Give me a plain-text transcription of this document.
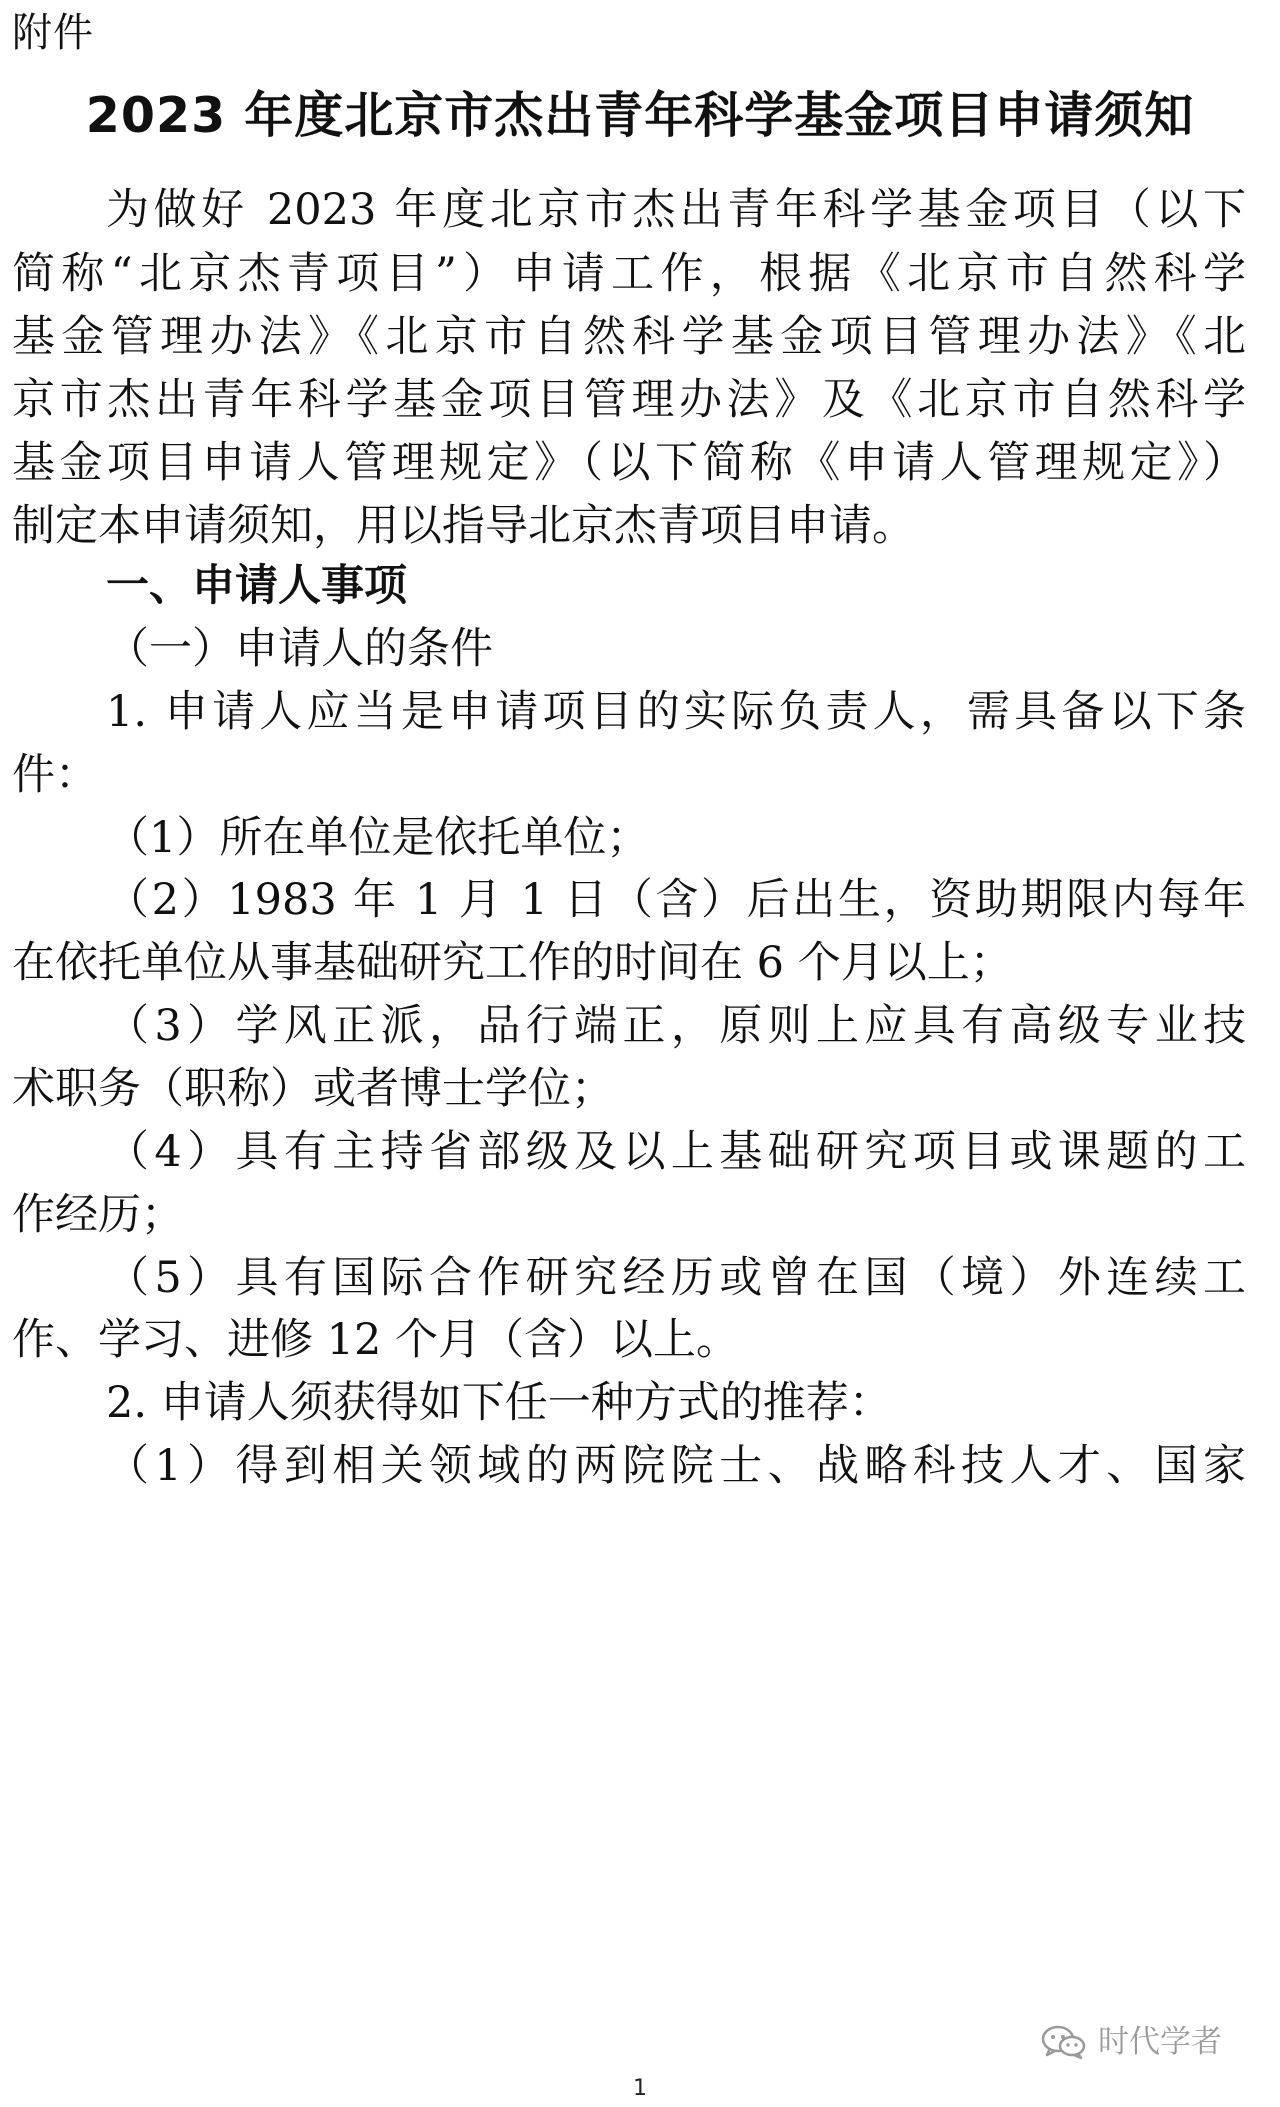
附件
2023 年度北京市杰出青年科学基金项目申请须知
为做好 2023 年度北京市杰出青年科学基金项目（以下
简称“北京杰青项目”）申请工作，根据《北京市自然科学
基金管理办法》《北京市自然科学基金项目管理办法》《北
京市杰出青年科学基金项目管理办法》及《北京市自然科学
基金项目申请人管理规定》（以下简称《申请人管理规定》）
制定本申请须知，用以指导北京杰青项目申请。
一、申请人事项
（一）申请人的条件
1. 申请人应当是申请项目的实际负责人，需具备以下条
件：
（1）所在单位是依托单位；
（2）1983 年 1 月 1 日（含）后出生，资助期限内每年
在依托单位从事基础研究工作的时间在 6 个月以上；
（3）学风正派，品行端正，原则上应具有高级专业技
术职务（职称）或者博士学位；
（4）具有主持省部级及以上基础研究项目或课题的工
作经历；
（5）具有国际合作研究经历或曾在国（境）外连续工
作、学习、进修 12 个月（含）以上。
2. 申请人须获得如下任一种方式的推荐：
（1）得到相关领域的两院院士、战略科技人才、国家
时代学者
1
